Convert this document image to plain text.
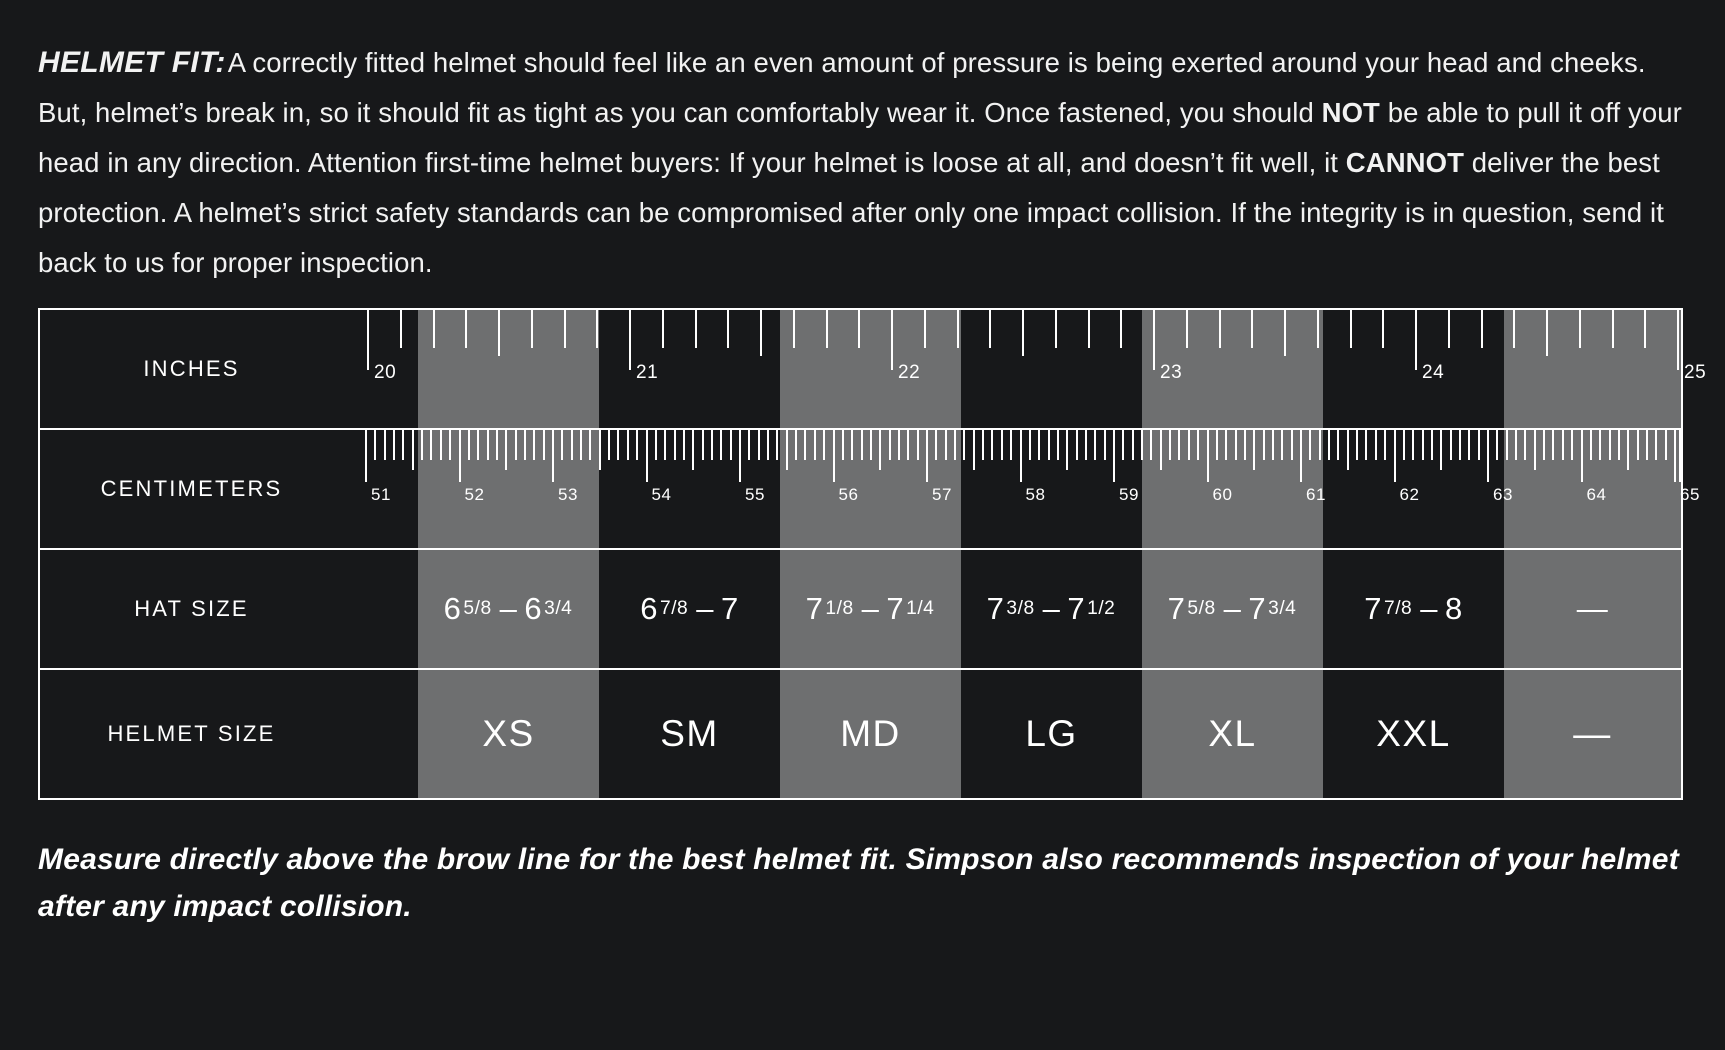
HELMET FIT:A correctly fitted helmet should feel like an even amount of pressure is being exerted around your head and cheeks. But, helmet’s break in, so it should fit as tight as you can comfortably wear it. Once fastened, you should NOT be able to pull it off your head in any direction. Attention first-time helmet buyers: If your helmet is loose at all, and doesn’t fit well, it CANNOT deliver the best protection. A helmet’s strict safety standards can be compromised after only one impact collision. If the integrity is in question, send it back to us for proper inspection.

INCHES	20	21	22	23	24	25
CENTIMETERS	51	52	53	54	55	56	57	58	59	60	61	62	63	64	65
HAT SIZE	6 5/8 – 6 3/4	6 7/8 – 7	7 1/8 – 7 1/4	7 3/8 – 7 1/2	7 5/8 – 7 3/4	7 7/8 – 8	—
HELMET SIZE	XS	SM	MD	LG	XL	XXL	—

Measure directly above the brow line for the best helmet fit. Simpson also recommends inspection of your helmet after any impact collision.
